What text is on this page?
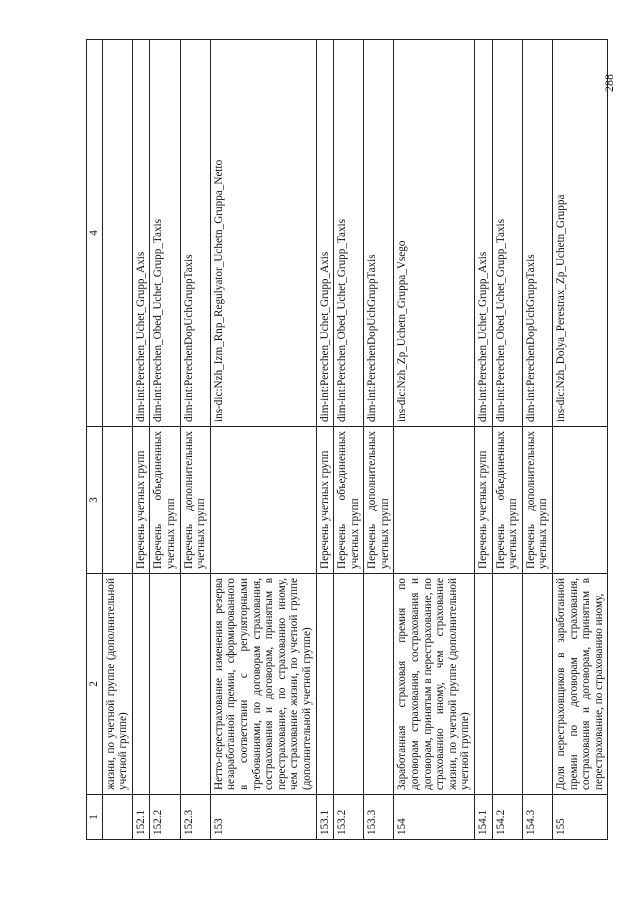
1	2	3	4
	жизни, по учетной группе (дополнительной учетной группе)		
152.1		Перечень учетных групп	dim-int:Perechen_Uchet_Grupp_Axis
152.2		Перечень объединенных учетных групп	dim-int:Perechen_Obed_Uchet_Grupp_Taxis
152.3		Перечень дополнительных учетных групп	dim-int:PerechenDopUchGruppTaxis
153	Нетто-перестрахование изменения резерва незаработанной премии, сформированного в соответствии с регуляторными требованиями, по договорам страхования, сострахования и договорам, принятым в перестрахование, по страхованию иному, чем страхование жизни, по учетной группе (дополнительной учетной группе)		ins-dic:Nzh_Izm_Rnp_Regulyator_Uchetn_Gruppa_Netto
153.1		Перечень учетных групп	dim-int:Perechen_Uchet_Grupp_Axis
153.2		Перечень объединенных учетных групп	dim-int:Perechen_Obed_Uchet_Grupp_Taxis
153.3		Перечень дополнительных учетных групп	dim-int:PerechenDopUchGruppTaxis
154	Заработанная страховая премия по договорам страхования, сострахования и договорам, принятым в перестрахование, по страхованию иному, чем страхование жизни, по учетной группе (дополнительной учетной группе)		ins-dic:Nzh_Zp_Uchetn_Gruppa_Vsego
154.1		Перечень учетных групп	dim-int:Perechen_Uchet_Grupp_Axis
154.2		Перечень объединенных учетных групп	dim-int:Perechen_Obed_Uchet_Grupp_Taxis
154.3		Перечень дополнительных учетных групп	dim-int:PerechenDopUchGruppTaxis
155	Доля перестраховщиков в заработанной премии по договорам страхования, сострахования и договорам, принятым в перестрахование, по страхованию иному,		ins-dic:Nzh_Dolya_Perestrax_Zp_Uchetn_Gruppa
288
